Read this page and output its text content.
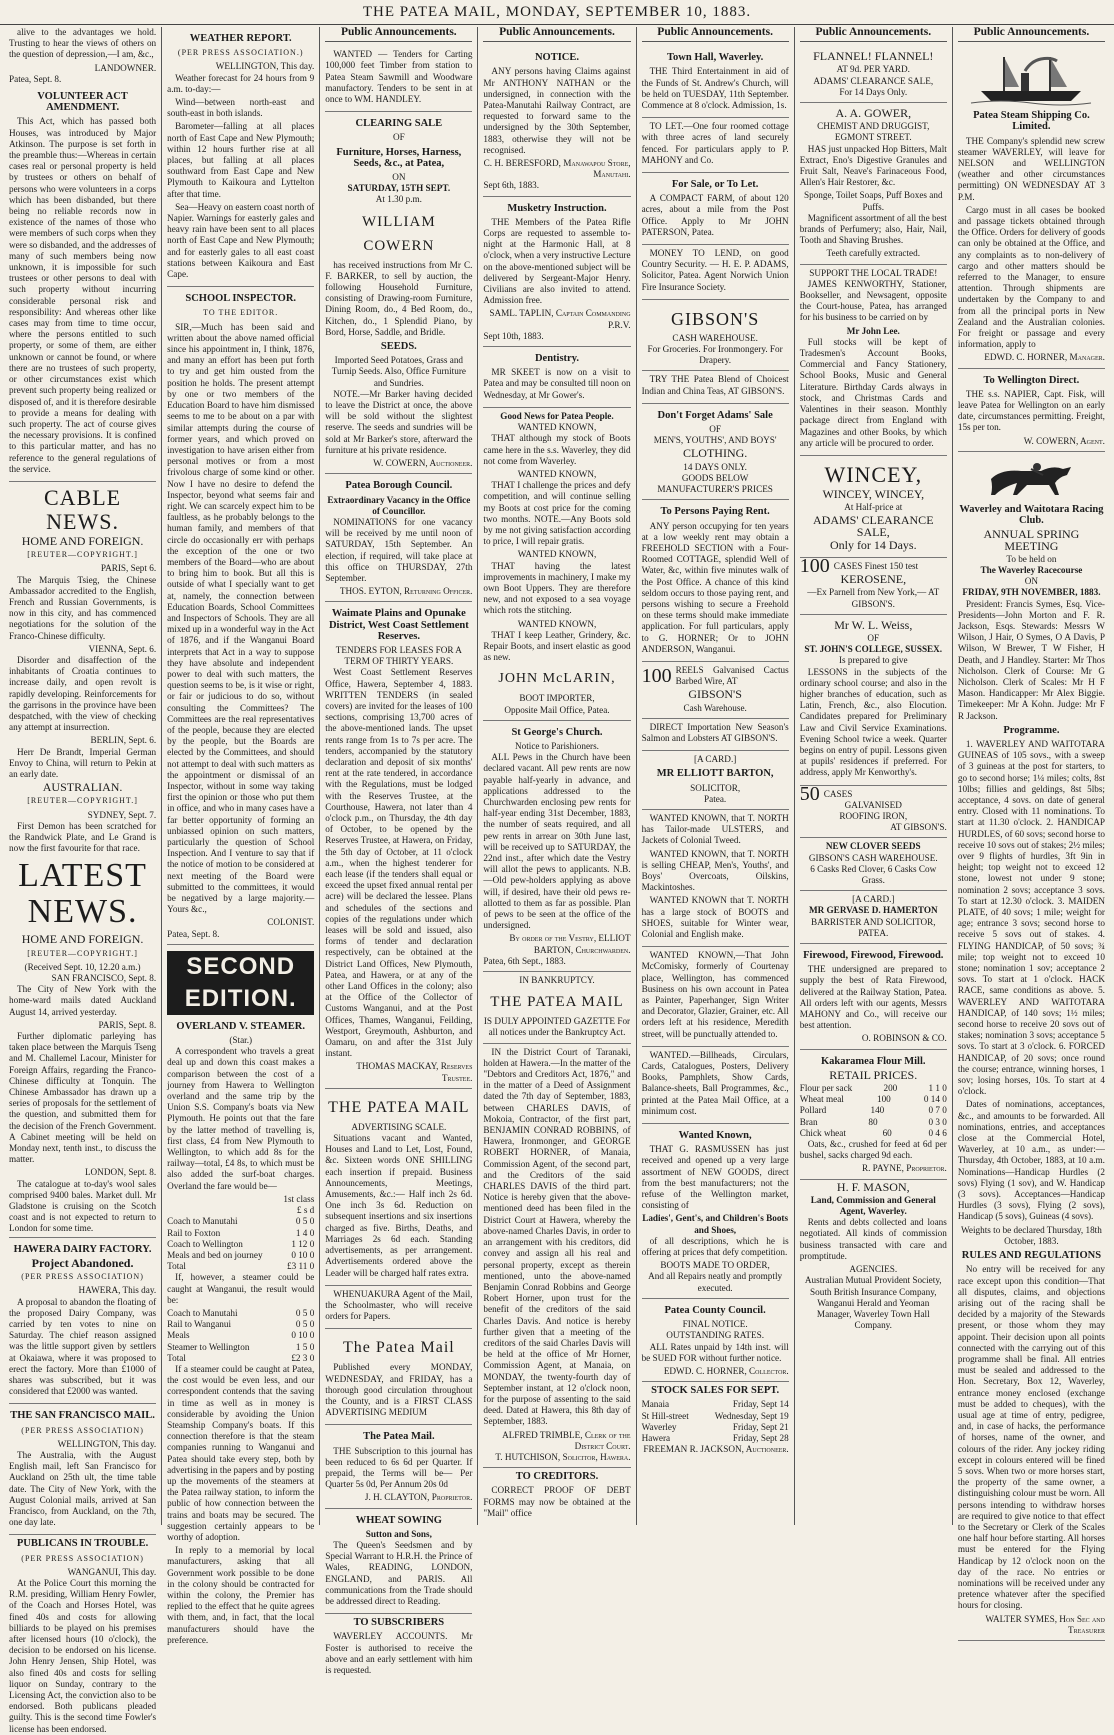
THE PATEA MAIL, MONDAY, SEPTEMBER 10, 1883.

alive to the advantages we hold. Trusting to hear the views of others on the question of depression,—I am, &c.,

LANDOWNER.
Patea, Sept. 8.
VOLUNTEER ACT AMENDMENT.

This Act, which has passed both Houses, was introduced by Major Atkinson. The purpose is set forth in the preamble thus:—Whereas in certain cases real or personal property is held by trustees or others on behalf of persons who were volunteers in a corps which has been disbanded, but there being no reliable records now in existence of the names of those who were members of such corps when they were so disbanded, and the addresses of many of such members being now unknown, it is impossible for such trustees or other persons to deal with such property without incurring considerable personal risk and responsibility: And whereas other like cases may from time to time occur, where the persons entitled to such property, or some of them, are either unknown or cannot be found, or where there are no trustees of such property, or other circumstances exist which prevent such property being realized or disposed of, and it is therefore desirable to provide a means for dealing with such property. The act of course gives the necessary provisions. It is confined to this particular matter, and has no reference to the general regulations of the service.

CABLE NEWS.
HOME AND FOREIGN.
[REUTER—COPYRIGHT.]
PARIS, Sept 6.

The Marquis Tsieg, the Chinese Ambassador accredited to the English, French and Russian Governments, is now in this city, and has commenced negotiations for the solution of the Franco-Chinese difficulty.

VIENNA, Sept. 6.

Disorder and disaffection of the inhabitants of Croatia continues to increase daily, and open revolt is rapidly developing. Reinforcements for the garrisons in the province have been despatched, with the view of checking any attempt at insurrection.

BERLIN, Sept. 6.

Herr De Brandt, Imperial German Envoy to China, will return to Pekin at an early date.

AUSTRALIAN.
[REUTER—COPYRIGHT.]
SYDNEY, Sept. 7.

First Demon has been scratched for the Randwick Plate, and Le Grand is now the first favourite for that race.

LATEST NEWS.
HOME AND FOREIGN.
[REUTER—COPYRIGHT.]
(Received Sept. 10, 12.20 a.m.)
SAN FRANCISCO, Sept. 8.

The City of New York with the home-ward mails dated Auckland August 14, arrived yesterday.

PARIS, Sept. 8.

Further diplomatic parleying has taken place between the Marquis Tseng and M. Challemel Lacour, Minister for Foreign Affairs, regarding the Franco-Chinese difficulty at Tonquin. The Chinese Ambassador has drawn up a series of proposals for the settlement of the question, and submitted them for the decision of the French Government. A Cabinet meeting will be held on Monday next, tenth inst., to discuss the matter.

LONDON, Sept. 8.

The catalogue at to-day's wool sales comprised 9400 bales. Market dull. Mr Gladstone is cruising on the Scotch coast and is not expected to return to London for some time.

HAWERA DAIRY FACTORY.
Project Abandoned.
(PER PRESS ASSOCIATION)
HAWERA, This day.

A proposal to abandon the floating of the proposed Dairy Company, was carried by ten votes to nine on Saturday. The chief reason assigned was the little support given by settlers at Okaiawa, where it was proposed to erect the factory. More than £1000 of shares was subscribed, but it was considered that £2000 was wanted.

THE SAN FRANCISCO MAIL.
(PER PRESS ASSOCIATION)
WELLINGTON, This day.

The Australia, with the August English mail, left San Francisco for Auckland on 25th ult, the time table date. The City of New York, with the August Colonial mails, arrived at San Francisco, from Auckland, on the 7th, one day late.

PUBLICANS IN TROUBLE.
(PER PRESS ASSOCIATION)
WANGANUI, This day.

At the Police Court this morning the R.M. presiding, William Henry Fowler, of the Coach and Horses Hotel, was fined 40s and costs for allowing billiards to be played on his premises after licensed hours (10 o'clock), the decision to be endorsed on his license. John Henry Jensen, Ship Hotel, was also fined 40s and costs for selling liquor on Sunday, contrary to the Licensing Act, the conviction also to be endorsed. Both publicans pleaded guilty. This is the second time Fowler's license has been endorsed.

WEATHER REPORT.
(PER PRESS ASSOCIATION.)
WELLINGTON, This day.

Weather forecast for 24 hours from 9 a.m. to-day:—

Wind—between north-east and south-east in both islands.

Barometer—falling at all places north of East Cape and New Plymouth; within 12 hours further rise at all places, but falling at all places southward from East Cape and New Plymouth to Kaikoura and Lyttelton after that time.

Sea—Heavy on eastern coast north of Napier. Warnings for easterly gales and heavy rain have been sent to all places north of East Cape and New Plymouth; and for easterly gales to all east coast stations between Kaikoura and East Cape.

SCHOOL INSPECTOR.
TO THE EDITOR.

SIR,—Much has been said and written about the above named official since his appointment in, I think, 1876, and many an effort has been put forth to try and get him ousted from the position he holds. The present attempt by one or two members of the Education Board to have him dismissed seems to me to be about on a par with similar attempts during the course of former years, and which proved on investigation to have arisen either from personal motives or from a most frivolous charge of some kind or other. Now I have no desire to defend the Inspector, beyond what seems fair and right. We can scarcely expect him to be faultless, as he probably belongs to the human family, and members of that circle do occasionally err with perhaps the exception of the one or two members of the Board—who are about to bring him to book. But all this is outside of what I specially want to get at, namely, the connection between Education Boards, School Committees and Inspectors of Schools. They are all mixed up in a wonderful way in the Act of 1876, and if the Wanganui Board interprets that Act in a way to suppose they have absolute and independent power to deal with such matters, the question seems to be, is it wise or right, or fair or judicious to do so, without consulting the Committees? The Committees are the real representatives of the people, because they are elected by the people, but the Boards are elected by the Committees, and should not attempt to deal with such matters as the appointment or dismissal of an Inspector, without in some way taking first the opinion or those who put them in office, and who in many cases have a far better opportunity of forming an unbiassed opinion on such matters, particularly the question of School Inspection. And I venture to say that if the notice of motion to be considered at next meeting of the Board were submitted to the committees, it would be negatived by a large majority.—Yours &c.,

COLONIST.
Patea, Sept. 8.
SECOND EDITION.
OVERLAND V. STEAMER.
(Star.)

A correspondent who travels a great deal up and down this coast makes a comparison between the cost of a journey from Hawera to Wellington overland and the same trip by the Union S.S. Company's boats via New Plymouth. He points out that the fare by the latter method of travelling is, first class, £4 from New Plymouth to Wellington, to which add 8s for the railway—total, £4 8s, to which must be also added the surf-boat charges. Overland the fare would be—

1st class
£ s d
Coach to Manutahi	0 5 0
Rail to Foxton	1 4 0
Coach to Wellington	1 12 0
Meals and bed on journey	0 10 0
Total	£3 11 0

If, however, a steamer could be caught at Wanganui, the result would be:

Coach to Manutahi	0 5 0
Rail to Wanganui	0 5 0
Meals	0 10 0
Steamer to Wellington	1 5 0
Total	£2 3 0

If a steamer could be caught at Patea, the cost would be even less, and our correspondent contends that the saving in time as well as in money is considerable by avoiding the Union Steamship Company's boats. If this connection therefore is that the steam companies running to Wanganui and Patea should take every step, both by advertising in the papers and by posting up the movements of the steamers at the Patea railway station, to inform the public of how connection between the trains and boats may be secured. The suggestion certainly appears to be worthy of adoption.

In reply to a memorial by local manufacturers, asking that all Government work possible to be done in the colony should be contracted for within the colony, the Premier has replied to the effect that he quite agrees with them, and, in fact, that the local manufacturers should have the preference.

Public Announcements.

WANTED — Tenders for Carting 100,000 feet Timber from station to Patea Steam Sawmill and Woodware manufactory. Tenders to be sent in at once to WM. HANDLEY.

CLEARING SALE
OF
Furniture, Horses, Harness, Seeds, &c., at Patea,
ON
SATURDAY, 15TH SEPT.
At 1.30 p.m.
WILLIAM COWERN

has received instructions from Mr C. F. BARKER, to sell by auction, the following Household Furniture, consisting of Drawing-room Furniture, Dining Room, do., 4 Bed Room, do., Kitchen, do., 1 Splendid Piano, by Bord, Horse, Saddle, and Bridle.

SEEDS.
Imported Seed Potatoes, Grass and Turnip Seeds. Also, Office Furniture and Sundries.

NOTE.—Mr Barker having decided to leave the District at once, the above will be sold without the slightest reserve. The seeds and sundries will be sold at Mr Barker's store, afterward the furniture at his private residence.

W. COWERN, Auctioneer.
Patea Borough Council.
Extraordinary Vacancy in the Office of Councillor.

NOMINATIONS for one vacancy will be received by me until noon of SATURDAY, 15th September. An election, if required, will take place at this office on THURSDAY, 27th September.

THOS. EYTON, Returning Officer.
Waimate Plains and Opunake District, West Coast Settlement Reserves.
TENDERS FOR LEASES FOR A TERM OF THIRTY YEARS.

West Coast Settlement Reserves Office, Hawera, September 4, 1883. WRITTEN TENDERS (in sealed covers) are invited for the leases of 100 sections, comprising 13,700 acres of the above-mentioned lands. The upset rents range from 1s to 7s per acre. The tenders, accompanied by the statutory declaration and deposit of six months' rent at the rate tendered, in accordance with the Regulations, must be lodged with the Reserves Trustee, at the Courthouse, Hawera, not later than 4 o'clock p.m., on Thursday, the 4th day of October, to be opened by the Reserves Trustee, at Hawera, on Friday, the 5th day of October, at 11 o'clock a.m., when the highest tenderer for each lease (if the tenders shall equal or exceed the upset fixed annual rental per acre) will be declared the lessee. Plans and schedules of the sections and copies of the regulations under which leases will be sold and issued, also forms of tender and declaration respectively, can be obtained at the District Land Offices, New Plymouth, Patea, and Hawera, or at any of the other Land Offices in the colony; also at the Office of the Collector of Customs Wanganui, and at the Post Offices, Thames, Wanganui, Feilding, Westport, Greymouth, Ashburton, and Oamaru, on and after the 31st July instant.

THOMAS MACKAY, Reserves Trustee.
THE PATEA MAIL
ADVERTISING SCALE.

Situations vacant and Wanted, Houses and Land to Let, Lost, Found, &c. Sixteen words ONE SHILLING each insertion if prepaid. Business Announcements, Meetings, Amusements, &c.:— Half inch 2s 6d. One inch 3s 6d. Reduction on subsequent insertions and six insertions charged as five. Births, Deaths, and Marriages 2s 6d each. Standing advertisements, as per arrangement. Advertisements ordered above the Leader will be charged half rates extra.

WHENUAKURA Agent of the Mail, the Schoolmaster, who will receive orders for Papers.

The Patea Mail

Published every MONDAY, WEDNESDAY, and FRIDAY, has a thorough good circulation throughout the County, and is a FIRST CLASS ADVERTISING MEDIUM

The Patea Mail.

THE Subscription to this journal has been reduced to 6s 6d per Quarter. If prepaid, the Terms will be— Per Quarter 5s 0d, Per Annum 20s 0d

J. H. CLAYTON, Proprietor.
WHEAT SOWING
Sutton and Sons,

The Queen's Seedsmen and by Special Warrant to H.R.H. the Prince of Wales, READING, LONDON, ENGLAND, and PARIS. All communications from the Trade should be addressed direct to Reading.

TO SUBSCRIBERS

WAVERLEY ACCOUNTS. Mr Foster is authorised to receive the above and an early settlement with him is requested.

Public Announcements.
NOTICE.

ANY persons having Claims against Mr ANTHONY NATHAN or the undersigned, in connection with the Patea-Manutahi Railway Contract, are requested to forward same to the undersigned by the 30th September, 1883, otherwise they will not be recognised.

C. H. BERESFORD, Manawapou Store, Manutahi.
Sept 6th, 1883.
Musketry Instruction.

THE Members of the Patea Rifle Corps are requested to assemble to-night at the Harmonic Hall, at 8 o'clock, when a very instructive Lecture on the above-mentioned subject will be delivered by Sergeant-Major Henry. Civilians are also invited to attend. Admission free.

SAML. TAPLIN, Captain Commanding P.R.V.
Sept 10th, 1883.
Dentistry.

MR SKEET is now on a visit to Patea and may be consulted till noon on Wednesday, at Mr Gower's.

Good News for Patea People.
WANTED KNOWN,

THAT although my stock of Boots came here in the s.s. Waverley, they did not come from Waverley.

WANTED KNOWN,

THAT I challenge the prices and defy competition, and will continue selling my Boots at cost price for the coming two months. NOTE.—Any Boots sold by me not giving satisfaction according to price, I will repair gratis.

WANTED KNOWN,

THAT having the latest improvements in machinery, I make my own Boot Uppers. They are therefore new, and not exposed to a sea voyage which rots the stitching.

WANTED KNOWN,

THAT I keep Leather, Grindery, &c. Repair Boots, and insert elastic as good as new.

JOHN McLARIN,
BOOT IMPORTER,
Opposite Mail Office, Patea.
St George's Church.
Notice to Parishioners.

ALL Pews in the Church have been declared vacant. All pew rents are now payable half-yearly in advance, and applications addressed to the Churchwarden enclosing pew rents for half-year ending 31st December, 1883, the number of seats required, and all pew rents in arrear on 30th June last, will be received up to SATURDAY, the 22nd inst., after which date the Vestry will allot the pews to applicants. N.B.—Old pew-holders applying as above will, if desired, have their old pews re-allotted to them as far as possible. Plan of pews to be seen at the office of the undersigned.

By order of the Vestry, ELLIOT BARTON, Churchwarden.
Patea, 6th Sept., 1883.
IN BANKRUPTCY.
THE PATEA MAIL
IS DULY APPOINTED GAZETTE For all notices under the Bankruptcy Act.

IN the District Court of Taranaki, holden at Hawera.—In the matter of the "Debtors and Creditors Act, 1876," and in the matter of a Deed of Assignment dated the 7th day of September, 1883, between CHARLES DAVIS, of Mokoia, Contractor, of the first part, BENJAMIN CONRAD ROBBINS, of Hawera, Ironmonger, and GEORGE ROBERT HORNER, of Manaia, Commission Agent, of the second part, and the Creditors of the said CHARLES DAVIS of the third part. Notice is hereby given that the above-mentioned deed has been filed in the District Court at Hawera, whereby the above-named Charles Davis, in order to an arrangement with his creditors, did convey and assign all his real and personal property, except as therein mentioned, unto the above-named Benjamin Conrad Robbins and George Robert Horner, upon trust for the benefit of the creditors of the said Charles Davis. And notice is hereby further given that a meeting of the creditors of the said Charles Davis will be held at the office of Mr Horner, Commission Agent, at Manaia, on MONDAY, the twenty-fourth day of September instant, at 12 o'clock noon, for the purpose of assenting to the said deed. Dated at Hawera, this 8th day of September, 1883.

ALFRED TRIMBLE, Clerk of the District Court.
T. HUTCHISON, Solicitor, Hawera.
TO CREDITORS.

CORRECT PROOF OF DEBT FORMS may now be obtained at the "Mail" office

Public Announcements.
Town Hall, Waverley.

THE Third Entertainment in aid of the Funds of St. Andrew's Church, will be held on TUESDAY, 11th September. Commence at 8 o'clock. Admission, 1s.

TO LET.—One four roomed cottage with three acres of land securely fenced. For particulars apply to P. MAHONY and Co.

For Sale, or To Let.

A COMPACT FARM, of about 120 acres, about a mile from the Post Office. Apply to Mr JOHN PATERSON, Patea.

MONEY TO LEND, on good Country Security. — H. E. P. ADAMS, Solicitor, Patea. Agent Norwich Union Fire Insurance Society.

GIBSON'S
CASH WAREHOUSE.
For Groceries. For Ironmongery. For Drapery.

TRY THE Patea Blend of Choicest Indian and China Teas, AT GIBSON'S.

Don't Forget Adams' Sale
OF
MEN'S, YOUTHS', AND BOYS'
CLOTHING.
14 DAYS ONLY.
GOODS BELOW MANUFACTURER'S PRICES
To Persons Paying Rent.

ANY person occupying for ten years at a low weekly rent may obtain a FREEHOLD SECTION with a Four-Roomed COTTAGE, splendid Well of Water, &c, within five minutes walk of the Post Office. A chance of this kind seldom occurs to those paying rent, and persons wishing to secure a Freehold on these terms should make immediate application. For full particulars, apply to G. HORNER; Or to JOHN ANDERSON, Wanganui.

100 REELS Galvanised Cactus Barbed Wire, AT
GIBSON'S
Cash Warehouse.

DIRECT Importation New Season's Salmon and Lobsters AT GIBSON'S.

[A CARD.]
MR ELLIOTT BARTON,
SOLICITOR,
Patea.

WANTED KNOWN, that T. NORTH has Tailor-made ULSTERS, and Jackets of Colonial Tweed.

WANTED KNOWN, that T. NORTH is selling CHEAP, Men's, Youths', and Boys' Overcoats, Oilskins, Mackintoshes.

WANTED KNOWN that T. NORTH has a large stock of BOOTS and SHOES, suitable for Winter wear, Colonial and English make.

WANTED KNOWN,—That John McComisky, formerly of Courtenay place, Wellington, has commenced Business on his own account in Patea as Painter, Paperhanger, Sign Writer and Decorator, Glazier, Grainer, etc. All orders left at his residence, Meredith street, will be punctually attended to.

WANTED.—Billheads, Circulars, Cards, Catalogues, Posters, Delivery Books, Pamphlets, Show Cards, Balance-sheets, Ball Programmes, &c., printed at the Patea Mail Office, at a minimum cost.

Wanted Known,

THAT G. RASMUSSEN has just received and opened up a very large assortment of NEW GOODS, direct from the best manufacturers; not the refuse of the Wellington market, consisting of

Ladies', Gent's, and Children's Boots and Shoes,

of all descriptions, which he is offering at prices that defy competition.

BOOTS MADE TO ORDER,
And all Repairs neatly and promptly executed.
Patea County Council.
FINAL NOTICE.
OUTSTANDING RATES.

ALL Rates unpaid by 14th inst. will be SUED FOR without further notice.

EDWD. C. HORNER, Collector.
STOCK SALES FOR SEPT.
Manaia	Friday, Sept 14
St Hill-street	Wednesday, Sept 19
Waverley	Friday, Sept 21
Hawera	Friday, Sept 28
FREEMAN R. JACKSON, Auctioneer.
Public Announcements.
FLANNEL! FLANNEL!
AT 9d. PER YARD.
ADAMS' CLEARANCE SALE,
For 14 Days Only.
A. A. GOWER,
CHEMIST AND DRUGGIST,
EGMONT STREET.

HAS just unpacked Hop Bitters, Malt Extract, Eno's Digestive Granules and Fruit Salt, Neave's Farinaceous Food, Allen's Hair Restorer, &c.

Sponge, Toilet Soaps, Puff Boxes and Puffs.

Magnificent assortment of all the best brands of Perfumery; also, Hair, Nail, Tooth and Shaving Brushes.

Teeth carefully extracted.
SUPPORT THE LOCAL TRADE!

JAMES KENWORTHY, Stationer, Bookseller, and Newsagent, opposite the Court-house, Patea, has arranged for his business to be carried on by

Mr John Lee.

Full stocks will be kept of Tradesmen's Account Books, Commercial and Fancy Stationery, School Books, Music and General Literature. Birthday Cards always in stock, and Christmas Cards and Valentines in their season. Monthly package direct from England with Magazines and other Books, by which any article will be procured to order.

WINCEY,
WINCEY, WINCEY,
At Half-price at
ADAMS' CLEARANCE SALE,
Only for 14 Days.
100 CASES Finest 150 test
KEROSENE,
—Ex Parnell from New York,— AT GIBSON'S.
Mr W. L. Weiss,
OF
ST. JOHN'S COLLEGE, SUSSEX.
Is prepared to give

LESSONS in the subjects of the ordinary school course; and also in the higher branches of education, such as Latin, French, &c., also Elocution. Candidates prepared for Preliminary Law and Civil Service Examinations. Evening School twice a week. Quarter begins on entry of pupil. Lessons given at pupils' residences if preferred. For address, apply Mr Kenworthy's.

50 CASES
GALVANISED
ROOFING IRON,
AT GIBSON'S.
NEW CLOVER SEEDS
GIBSON'S CASH WAREHOUSE.
6 Casks Red Clover, 6 Casks Cow Grass.
[A CARD.]
MR GERVASE D. HAMERTON
BARRISTER AND SOLICITOR,
PATEA.
Firewood, Firewood, Firewood.

THE undersigned are prepared to supply the best of Rata Firewood, delivered at the Railway Station, Patea. All orders left with our agents, Messrs MAHONY and Co., will receive our best attention.

O. ROBINSON & CO.
Kakaramea Flour Mill.
RETAIL PRICES.
Flour per sack	200	1 1 0
Wheat meal	100	0 14 0
Pollard	140	0 7 0
Bran	80	0 3 0
Chick wheat	60	0 4 6

Oats, &c., crushed for feed at 6d per bushel, sacks charged 9d each.

R. PAYNE, Proprietor.
H. F. MASON,
Land, Commission and General Agent, Waverley.

Rents and debts collected and loans negotiated. All kinds of commission business transacted with care and promptitude.

AGENCIES.
Australian Mutual Provident Society, South British Insurance Company, Wanganui Herald and Yeoman
Manager, Waverley Town Hall Company.
Public Announcements.
Patea Steam Shipping Co. Limited.

THE Company's splendid new screw steamer WAVERLEY, will leave for NELSON and WELLINGTON (weather and other circumstances permitting) ON WEDNESDAY AT 3 P.M.

Cargo must in all cases be booked and passage tickets obtained through the Office. Orders for delivery of goods can only be obtained at the Office, and any complaints as to non-delivery of cargo and other matters should be referred to the Manager, to ensure attention. Through shipments are undertaken by the Company to and from all the principal ports in New Zealand and the Australian colonies. For freight or passage and every information, apply to

EDWD. C. HORNER, Manager.
To Wellington Direct.

THE s.s. NAPIER, Capt. Fisk, will leave Patea for Wellington on an early date, circumstances permitting. Freight, 15s per ton.

W. COWERN, Agent.
Waverley and Waitotara Racing Club.
ANNUAL SPRING MEETING
To be held on
The Waverley Racecourse
ON
FRIDAY, 9TH NOVEMBER, 1883.

President: Francis Symes, Esq. Vice-Presidents—John Morton and F. R. Jackson, Esqs. Stewards: Messrs W Wilson, J Hair, O Symes, O A Davis, P Wilson, W Brewer, T W Fisher, H Death, and J Handley. Starter: Mr Thos Nicholson. Clerk of Course: Mr G Nicholson. Clerk of Scales: Mr H F Mason. Handicapper: Mr Alex Biggie. Timekeeper: Mr A Kohn. Judge: Mr F R Jackson.

Programme.

1. WAVERLEY AND WAITOTARA GUINEAS of 105 sovs., with a sweep of 3 guineas at the post for starters, to go to second horse; 1¼ miles; colts, 8st 10lbs; fillies and geldings, 8st 5lbs; acceptance, 4 sovs. on date of general entry. Closed with 11 nominations. To start at 11.30 o'clock. 2. HANDICAP HURDLES, of 60 sovs; second horse to receive 10 sovs out of stakes; 2½ miles; over 9 flights of hurdles, 3ft 9in in height; top weight not to exceed 12 stone, lowest not under 9 stone; nomination 2 sovs; acceptance 3 sovs. To start at 12.30 o'clock. 3. MAIDEN PLATE, of 40 sovs; 1 mile; weight for age; entrance 3 sovs; second horse to receive 5 sovs out of stakes. 4. FLYING HANDICAP, of 50 sovs; ¾ mile; top weight not to exceed 10 stone; nomination 1 sov; acceptance 2 sovs. To start at 1 o'clock. HACK RACE, same conditions as above. 5. WAVERLEY AND WAITOTARA HANDICAP, of 140 sovs; 1½ miles; second horse to receive 20 sovs out of stakes; nomination 3 sovs; acceptance 5 sovs. To start at 3 o'clock. 6. FORCED HANDICAP, of 20 sovs; once round the course; entrance, winning horses, 1 sov; losing horses, 10s. To start at 4 o'clock.

Dates of nominations, acceptances, &c., and amounts to be forwarded. All nominations, entries, and acceptances close at the Commercial Hotel, Waverley, at 10 a.m., as under:— Thursday, 4th October, 1883, at 10 a.m. Nominations—Handicap Hurdles (2 sovs) Flying (1 sov), and W. Handicap (3 sovs). Acceptances—Handicap Hurdles (3 sovs), Flying (2 sovs), Handicap (5 sovs), Guineas (4 sovs).

Weights to be declared Thursday, 18th October, 1883.
RULES AND REGULATIONS

No entry will be received for any race except upon this condition—That all disputes, claims, and objections arising out of the racing shall be decided by a majority of the Stewards present, or those whom they may appoint. Their decision upon all points connected with the carrying out of this programme shall be final. All entries must be sealed and addressed to the Hon. Secretary, Box 12, Waverley, entrance money enclosed (exchange must be added to cheques), with the usual age at time of entry, pedigree, and, in case of hacks, the performance of horses, name of the owner, and colours of the rider. Any jockey riding except in colours entered will be fined 5 sovs. When two or more horses start, the property of the same owner, a distinguishing colour must be worn. All persons intending to withdraw horses are required to give notice to that effect to the Secretary or Clerk of the Scales one half hour before starting. All horses must be entered for the Flying Handicap by 12 o'clock noon on the day of the race. No entries or nominations will be received under any pretence whatever after the specified hours for closing.

WALTER SYMES, Hon Sec and Treasurer
